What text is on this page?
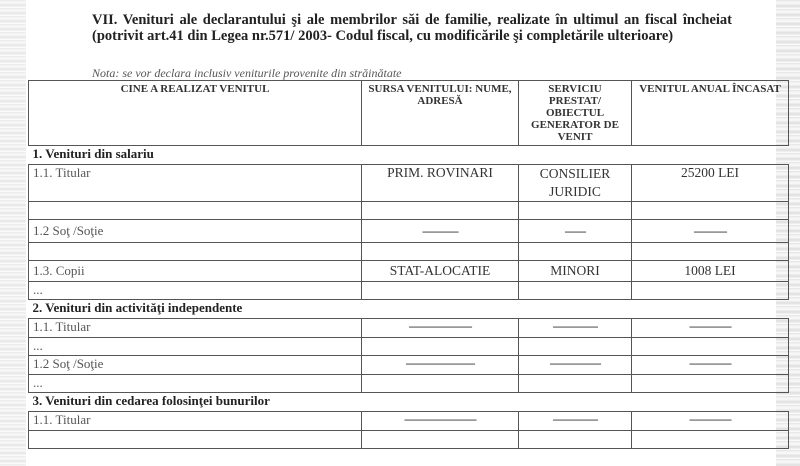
VII. Venituri ale declarantului şi ale membrilor săi de familie, realizate în ultimul an fiscal încheiat (potrivit art.41 din Legea nr.571/ 2003- Codul fiscal, cu modificările şi completările ulterioare)
Nota: se vor declara inclusiv veniturile provenite din străinătate
CINE A REALIZAT VENITUL	SURSA VENITULUI: NUME, ADRESĂ	SERVICIU PRESTAT/ OBIECTUL GENERATOR DE VENIT	VENITUL ANUAL ÎNCASAT
1. Venituri din salariu			
1.1. Titular	PRIM. ROVINARI	CONSILIER JURIDIC	25200 LEI

1.2 Soţ /Soţie	------------	-------	-----------

1.3. Copii	STAT-ALOCATIE	MINORI	1008 LEI
...			
2. Venituri din activităţi independente			
1.1. Titular	---------------------	---------------	--------------
...			
1.2 Soţ /Soţie	-----------------------	-----------------	--------------
...			
3. Venituri din cedarea folosinţei bunurilor			
1.1. Titular	------------------------	---------------	--------------
